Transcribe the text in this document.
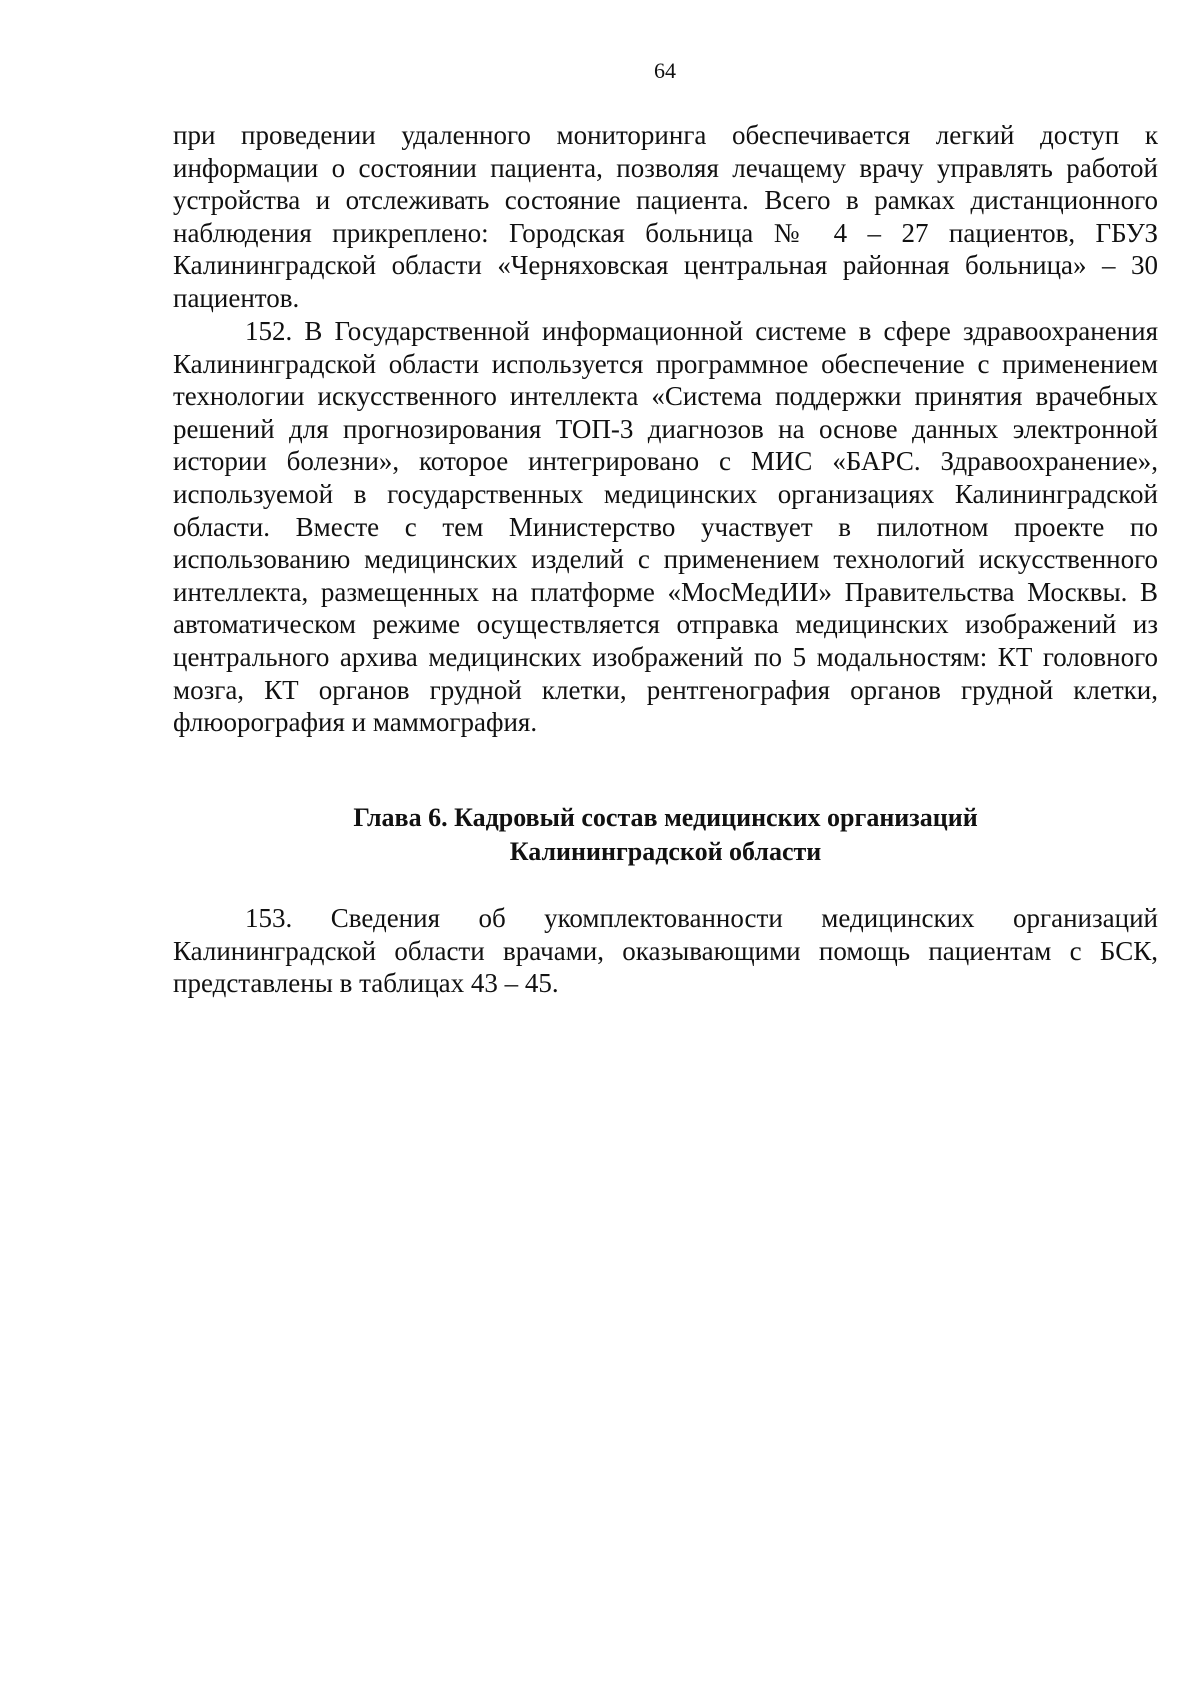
64

при проведении удаленного мониторинга обеспечивается легкий доступ к информации о состоянии пациента, позволяя лечащему врачу управлять работой устройства и отслеживать состояние пациента. Всего в рамках дистанционного наблюдения прикреплено: Городская больница № 4 – 27 пациентов, ГБУЗ Калининградской области «Черняховская центральная районная больница» – 30 пациентов.

152. В Государственной информационной системе в сфере здравоохранения Калининградской области используется программное обеспечение с применением технологии искусственного интеллекта «Система поддержки принятия врачебных решений для прогнозирования ТОП-3 диагнозов на основе данных электронной истории болезни», которое интегрировано с МИС «БАРС. Здравоохранение», используемой в государственных медицинских организациях Калининградской области. Вместе с тем Министерство участвует в пилотном проекте по использованию медицинских изделий с применением технологий искусственного интеллекта, размещенных на платформе «МосМедИИ» Правительства Москвы. В автоматическом режиме осуществляется отправка медицинских изображений из центрального архива медицинских изображений по 5 модальностям: КТ головного мозга, КТ органов грудной клетки, рентгенография органов грудной клетки, флюорография и маммография.

Глава 6. Кадровый состав медицинских организаций
Калининградской области

153. Сведения об укомплектованности медицинских организаций Калининградской области врачами, оказывающими помощь пациентам с БСК, представлены в таблицах 43 – 45.
